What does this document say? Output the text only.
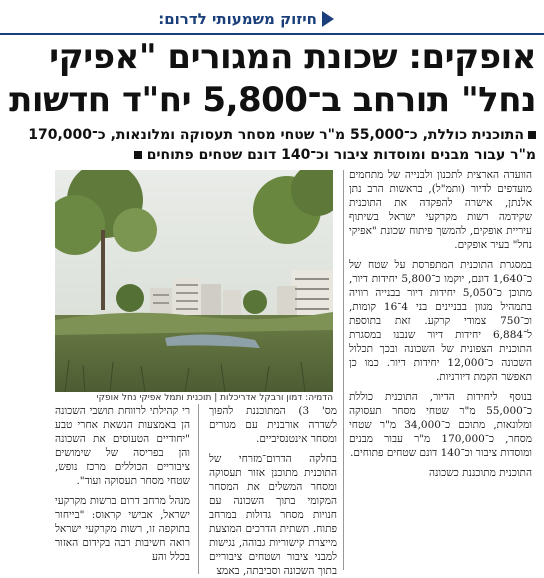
חיזוק משמעותי לדרום:
אופקים: שכונת המגורים "אפיקי
נחל" תורחב ב־5,800 יח"ד חדשות
התוכנית כוללת, כ־55,000 מ"ר שטחי מסחר תעסוקה ומלונאות, כ־170,000
מ"ר עבור מבנים ומוסדות ציבור וכ־140 דונם שטחים פתוחים
הדמיה: דמון ורבקל אדריכלות | תוכנית ותמל אפיקי נחל אופקי

הוועדה הארצית לתכנון ולבנייה של מתחמים מועדפים לדיור (ותמ"ל), בראשות הרב נתן אלנתן, אישרה להפקדה את התוכנית שקידמה רשות מקרקעי ישראל בשיתוף עיריית אופקים, להמשך פיתוח שכונת "אפיקי נחל" בעיר אופקים.

במסגרת התוכנית המתפרסת על שטח של כ־1,640 דונם, יוקמו כ־5,800 יחידות דיור, מתוכן כ־5,050 יחידות דיור בבנייה רוויה בתמהיל מגוון בבניינים בני 4־16 קומות, וכ־750 צמודי קרקע. זאת בתוספת ל־6,884 יחידות דיור שנבנו במסגרת התוכנית הצפונית של השכונה ובכך תכלול השכונה כ־12,000 יחידות דיור. כמו כן תאפשר הקמת דיורניות.

בנוסף ליחידות הדיור, התוכנית כוללת כ־55,000 מ"ר שטחי מסחר תעסוקה ומלונאות, מתוכם כ־34,000 מ"ר שטחי מסחר, כ־170,000 מ"ר עבור מבנים ומוסדות ציבור וכ־140 דונם שטחים פתוחים.

התוכנית מתוכננת כשכונה

מס' 3) המתוכננת להפוך לשדרה אורבנית עם מגורים ומסחר אינטנסיביים.

בחלקה הדרום־מזרחי של התוכנית מתוכנן אזור תעסוקה ומסחר המשלים את המסחר המקומי בתוך השכונה עם חנויות מסחר גדולות במרחב פתוח. תשתית הדרכים המוצעת מייצרת קישוריות גבוהה, נגישות למבני ציבור ושטחים ציבוריים בתוך השכונה וסביבתה, באמצ

רי קהילתי לרווחת תושבי השכונה הן באמצעות הנשאת אחרי טבע "יחודיים הטעוסים את השכונה והן בפריסה של שימושים ציבוריים הכוללים מרכז נופש, שטחי מסחר תעסוקה ועוד".

מנהל מרחב דרום ברשות מקרקעי ישראל, אבישי קראוס: "בייחור בתוקפה זו, רשות מקרקעי ישראל רואה חשיבות רבה בקידום האזור בכלל והע
